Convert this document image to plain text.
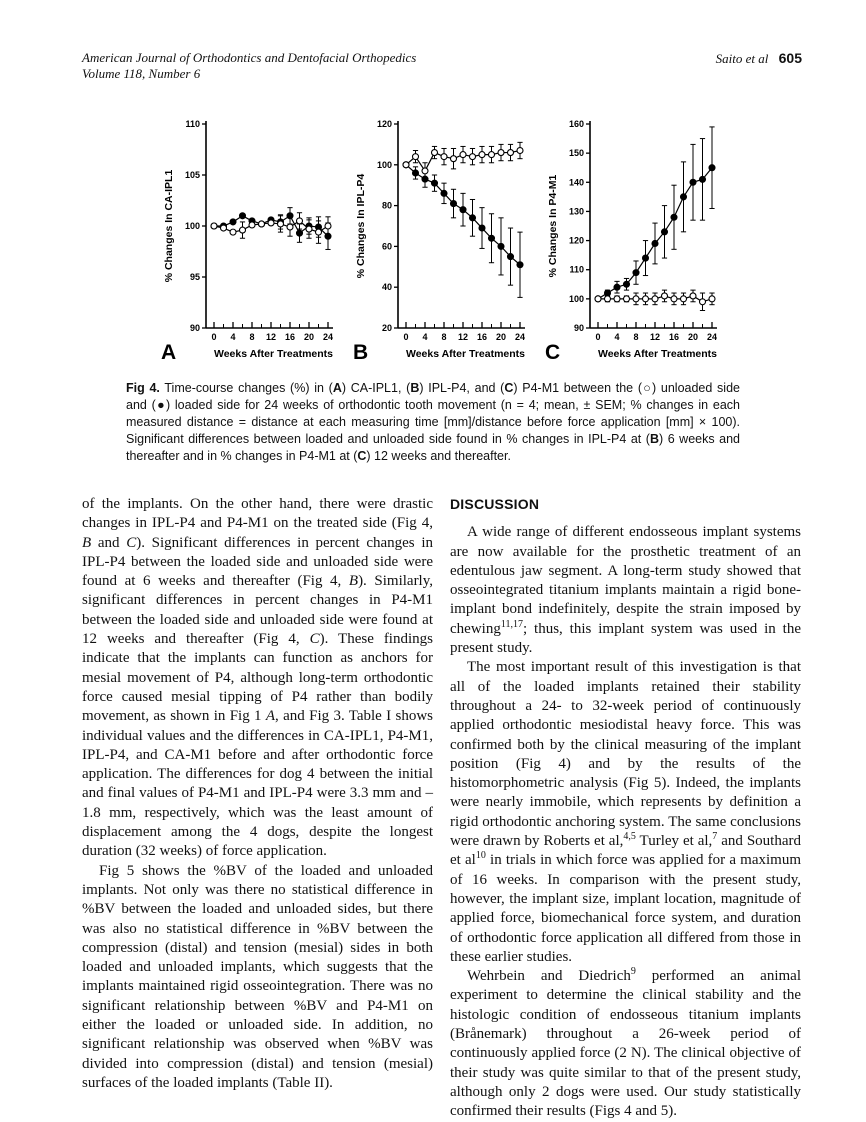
American Journal of Orthodontics and Dentofacial Orthopedics
Volume 118, Number 6
Saito et al 605
90
95
100
105
110
0 4 8 12 16 20 24
Weeks After Treatments
% Changes In CA-IPL1
A
20
40
60
80
100
120
0 4 8 12 16 20 24
Weeks After Treatments
% Changes In IPL-P4
B
90
100
110
120
130
140
150
160
0 4 8 12 16 20 24
Weeks After Treatments
% Changes In P4-M1
C

Fig 4. Time-course changes (%) in (A) CA-IPL1, (B) IPL-P4, and (C) P4-M1 between the (○) unloaded side and (●) loaded side for 24 weeks of orthodontic tooth movement (n = 4; mean, ± SEM; % changes in each measured distance = distance at each measuring time [mm]/distance before force application [mm] × 100). Significant differences between loaded and unloaded side found in % changes in IPL-P4 at (B) 6 weeks and thereafter and in % changes in P4-M1 at (C) 12 weeks and thereafter.

of the implants. On the other hand, there were drastic changes in IPL-P4 and P4-M1 on the treated side (Fig 4, B and C). Significant differences in percent changes in IPL-P4 between the loaded side and unloaded side were found at 6 weeks and thereafter (Fig 4, B). Similarly, significant differences in percent changes in P4-M1 between the loaded side and unloaded side were found at 12 weeks and thereafter (Fig 4, C). These findings indicate that the implants can function as anchors for mesial movement of P4, although long-term orthodontic force caused mesial tipping of P4 rather than bodily movement, as shown in Fig 1 A, and Fig 3. Table I shows individual values and the differences in CA-IPL1, P4-M1, IPL-P4, and CA-M1 before and after orthodontic force application. The differences for dog 4 between the initial and final values of P4-M1 and IPL-P4 were 3.3 mm and –1.8 mm, respectively, which was the least amount of displacement among the 4 dogs, despite the longest duration (32 weeks) of force application.

Fig 5 shows the %BV of the loaded and unloaded implants. Not only was there no statistical difference in %BV between the loaded and unloaded sides, but there was also no statistical difference in %BV between the compression (distal) and tension (mesial) sides in both loaded and unloaded implants, which suggests that the implants maintained rigid osseointegration. There was no significant relationship between %BV and P4-M1 on either the loaded or unloaded side. In addition, no significant relationship was observed when %BV was divided into compression (distal) and tension (mesial) surfaces of the loaded implants (Table II).

DISCUSSION

A wide range of different endosseous implant systems are now available for the prosthetic treatment of an edentulous jaw segment. A long-term study showed that osseointegrated titanium implants maintain a rigid bone-implant bond indefinitely, despite the strain imposed by chewing$^{11,17}$; thus, this implant system was used in the present study.

The most important result of this investigation is that all of the loaded implants retained their stability throughout a 24- to 32-week period of continuously applied orthodontic mesiodistal heavy force. This was confirmed both by the clinical measuring of the implant position (Fig 4) and by the results of the histomorphometric analysis (Fig 5). Indeed, the implants were nearly immobile, which represents by definition a rigid orthodontic anchoring system. The same conclusions were drawn by Roberts et al,$^{4,5}$ Turley et al,$^7$ and Southard et $al^{10}$ in trials in which force was applied for a maximum of 16 weeks. In comparison with the present study, however, the implant size, implant location, magnitude of applied force, biomechanical force system, and duration of orthodontic force application all differed from those in these earlier studies.

Wehrbein and Diedrich$^9$ performed an animal experiment to determine the clinical stability and the histologic condition of endosseous titanium implants (Brånemark) throughout a 26-week period of continuously applied force (2 N). The clinical objective of their study was quite similar to that of the present study, although only 2 dogs were used. Our study statistically confirmed their results (Figs 4 and 5).
